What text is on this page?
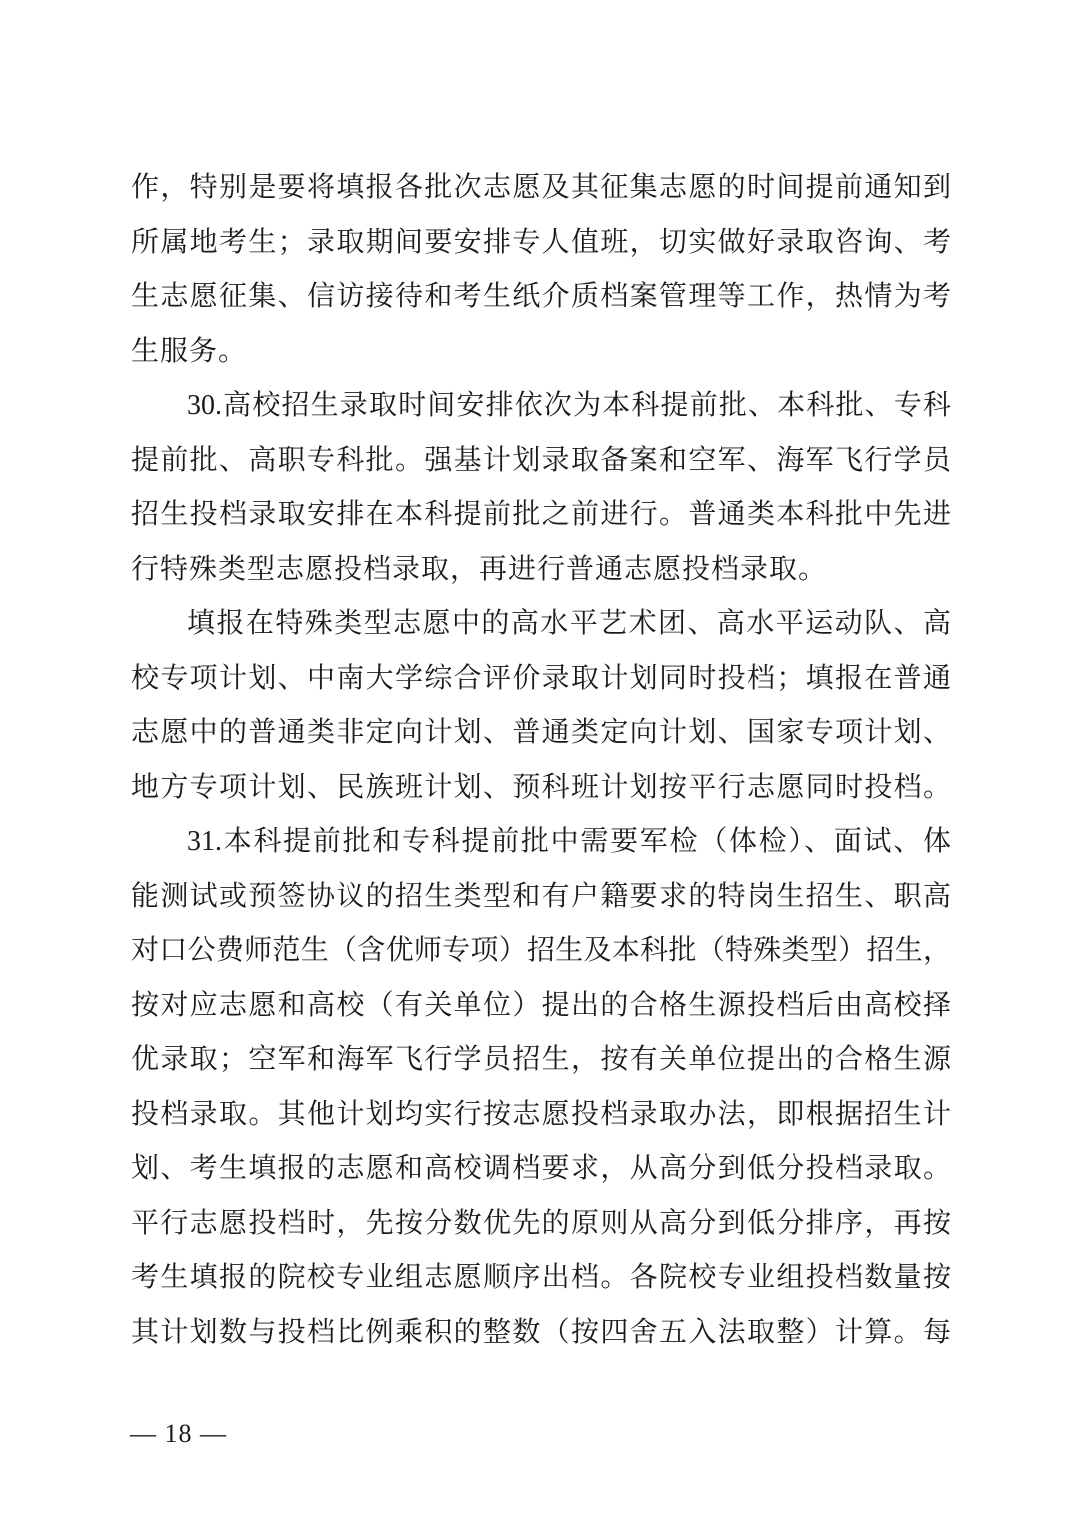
作，特别是要将填报各批次志愿及其征集志愿的时间提前通知到
所属地考生；录取期间要安排专人值班，切实做好录取咨询、考
生志愿征集、信访接待和考生纸介质档案管理等工作，热情为考
生服务。
30.高校招生录取时间安排依次为本科提前批、本科批、专科
提前批、高职专科批。强基计划录取备案和空军、海军飞行学员
招生投档录取安排在本科提前批之前进行。普通类本科批中先进
行特殊类型志愿投档录取，再进行普通志愿投档录取。
填报在特殊类型志愿中的高水平艺术团、高水平运动队、高
校专项计划、中南大学综合评价录取计划同时投档；填报在普通
志愿中的普通类非定向计划、普通类定向计划、国家专项计划、
地方专项计划、民族班计划、预科班计划按平行志愿同时投档。
31.本科提前批和专科提前批中需要军检（体检）、面试、体
能测试或预签协议的招生类型和有户籍要求的特岗生招生、职高
对口公费师范生（含优师专项）招生及本科批（特殊类型）招生，
按对应志愿和高校（有关单位）提出的合格生源投档后由高校择
优录取；空军和海军飞行学员招生，按有关单位提出的合格生源
投档录取。其他计划均实行按志愿投档录取办法，即根据招生计
划、考生填报的志愿和高校调档要求，从高分到低分投档录取。
平行志愿投档时，先按分数优先的原则从高分到低分排序，再按
考生填报的院校专业组志愿顺序出档。各院校专业组投档数量按
其计划数与投档比例乘积的整数（按四舍五入法取整）计算。每
— 18 —
